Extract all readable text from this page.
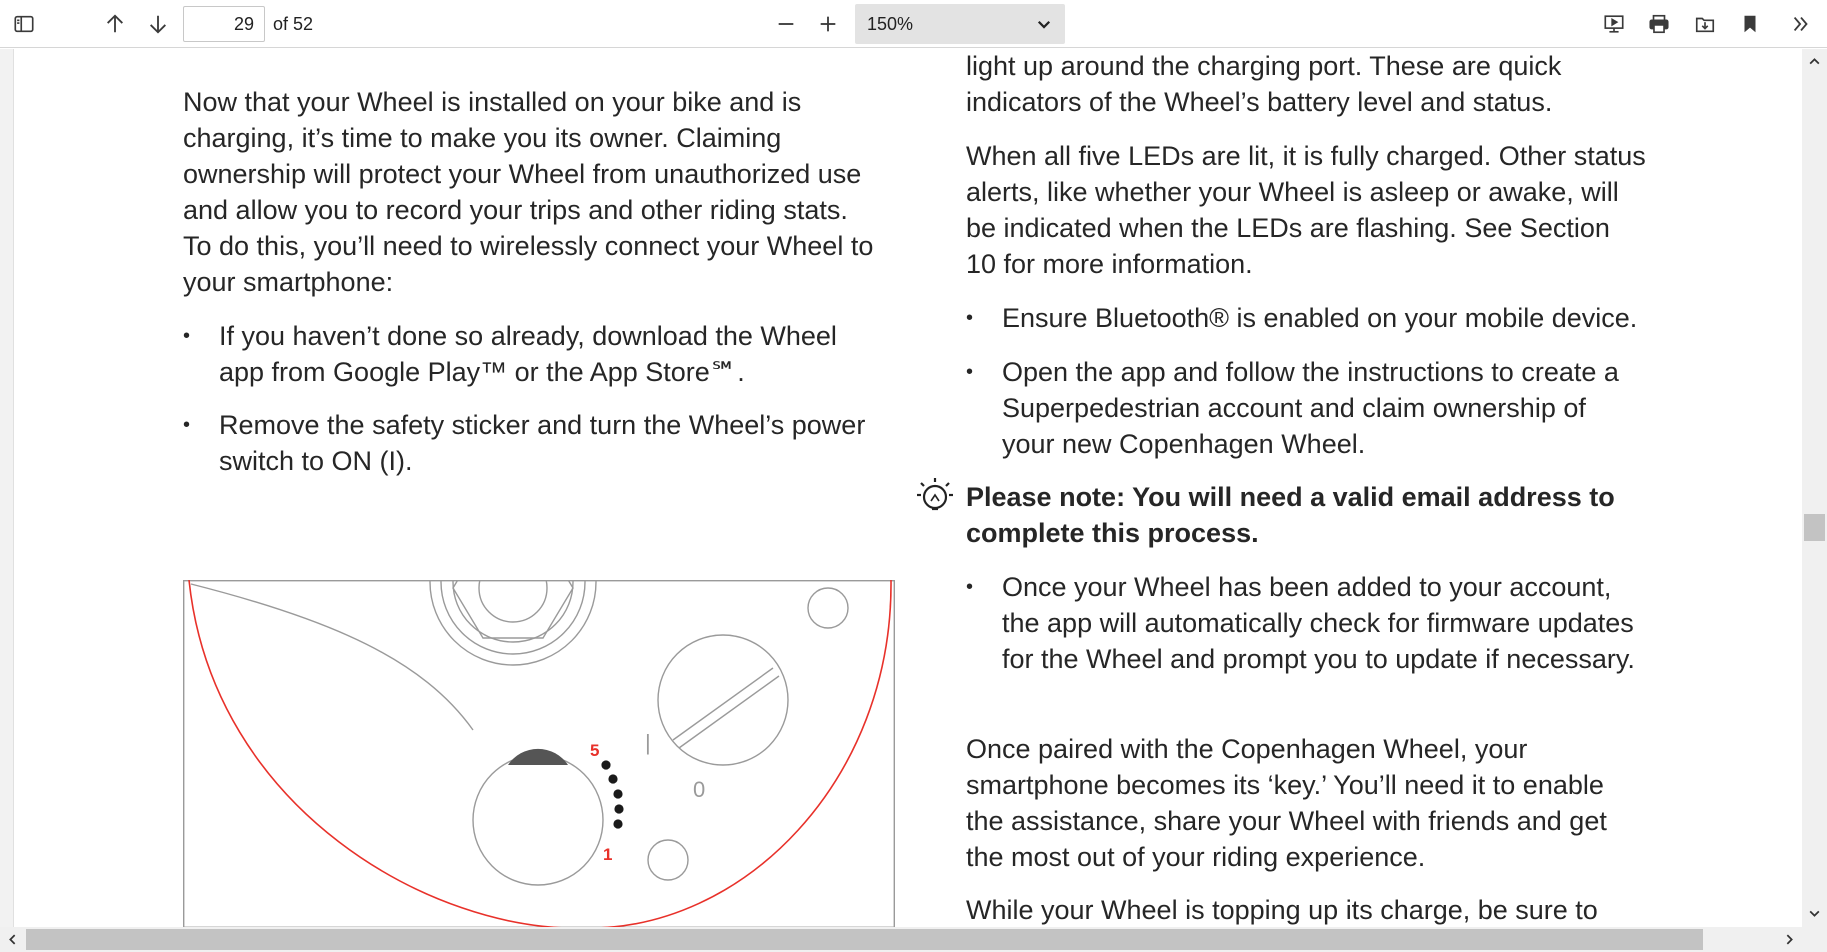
29
of 52	150%
Now that your Wheel is installed on your bike and is charging, it’s time to make you its owner. Claiming ownership will protect your Wheel from unauthorized use and allow you to record your trips and other riding stats. To do this, you’ll need to wirelessly connect your Wheel to your smartphone:
• If you haven’t done so already, download the Wheel app from Google Play™ or the App Store℠.
• Remove the safety sticker and turn the Wheel’s power switch to ON (I).
light up around the charging port. These are quick indicators of the Wheel’s battery level and status.
When all five LEDs are lit, it is fully charged. Other status alerts, like whether your Wheel is asleep or awake, will be indicated when the LEDs are flashing. See Section 10 for more information.
• Ensure Bluetooth® is enabled on your mobile device.
• Open the app and follow the instructions to create a Superpedestrian account and claim ownership of your new Copenhagen Wheel.
Please note: You will need a valid email address to complete this process.
• Once your Wheel has been added to your account, the app will automatically check for firmware updates for the Wheel and prompt you to update if necessary.
Once paired with the Copenhagen Wheel, your smartphone becomes its ‘key.’ You’ll need it to enable the assistance, share your Wheel with friends and get the most out of your riding experience.
While your Wheel is topping up its charge, be sure to
5
1
|
0
